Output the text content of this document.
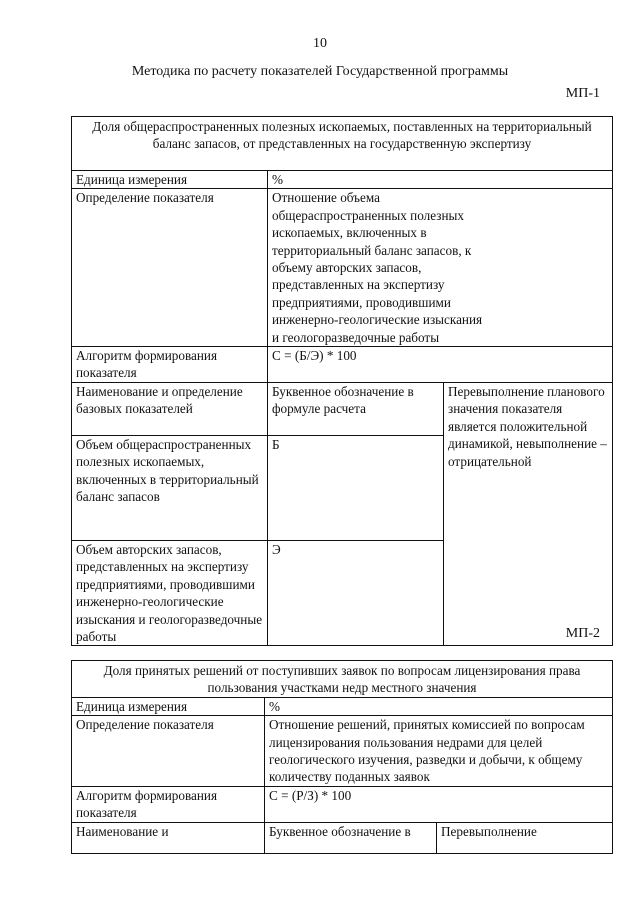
10
Методика по расчету показателей Государственной программы
МП-1
Доля общераспространенных полезных ископаемых, поставленных на территориальный баланс запасов, от представленных на государственную экспертизу		
Единица измерения	%	
Определение показателя	Отношение объема общераспространенных полезных ископаемых, включенных в территориальный баланс запасов, к объему авторских запасов, представленных на экспертизу предприятиями, проводившими инженерно-геологические изыскания и геологоразведочные работы	
Алгоритм формирования показателя	С = (Б/Э) * 100	
Наименование и определение базовых показателей	Буквенное обозначение в формуле расчета	Перевыполнение планового значения показателя является положительной динамикой, невыполнение – отрицательной
Объем общераспространенных полезных ископаемых, включенных в территориальный баланс запасов	Б	
Объем авторских запасов, представленных на экспертизу предприятиями, проводившими инженерно-геологические изыскания и геологоразведочные работы	Э	
МП-2
Доля принятых решений от поступивших заявок по вопросам лицензирования права пользования участками недр местного значения		
Единица измерения	%	
Определение показателя	Отношение решений, принятых комиссией по вопросам лицензирования пользования недрами для целей геологического изучения, разведки и добычи, к общему количеству поданных заявок	
Алгоритм формирования показателя	С = (Р/З) * 100	
Наименование и	Буквенное обозначение в	Перевыполнение
